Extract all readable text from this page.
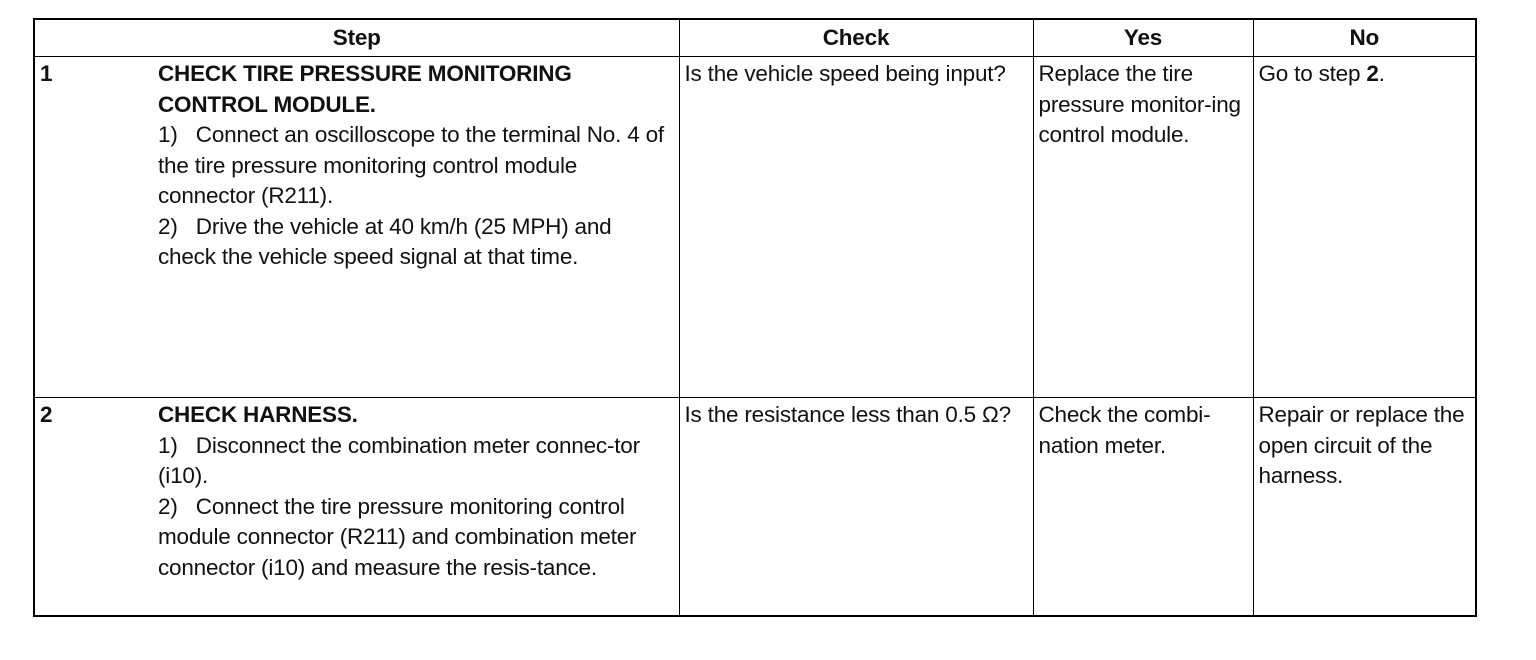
Step	Check	Yes	No

1 CHECK TIRE PRESSURE MONITORING CONTROL MODULE.
1) Connect an oscilloscope to the terminal No. 4 of the tire pressure monitoring control module connector (R211).
2) Drive the vehicle at 40 km/h (25 MPH) and check the vehicle speed signal at that time.	Is the vehicle speed being input?	Replace the tire pressure monitor-ing control module.	Go to step 2.

2 CHECK HARNESS.
1) Disconnect the combination meter connec-tor (i10).
2) Connect the tire pressure monitoring control module connector (R211) and combination meter connector (i10) and measure the resis-tance.	Is the resistance less than 0.5 Ω?	Check the combi-nation meter.	Repair or replace the open circuit of the harness.
